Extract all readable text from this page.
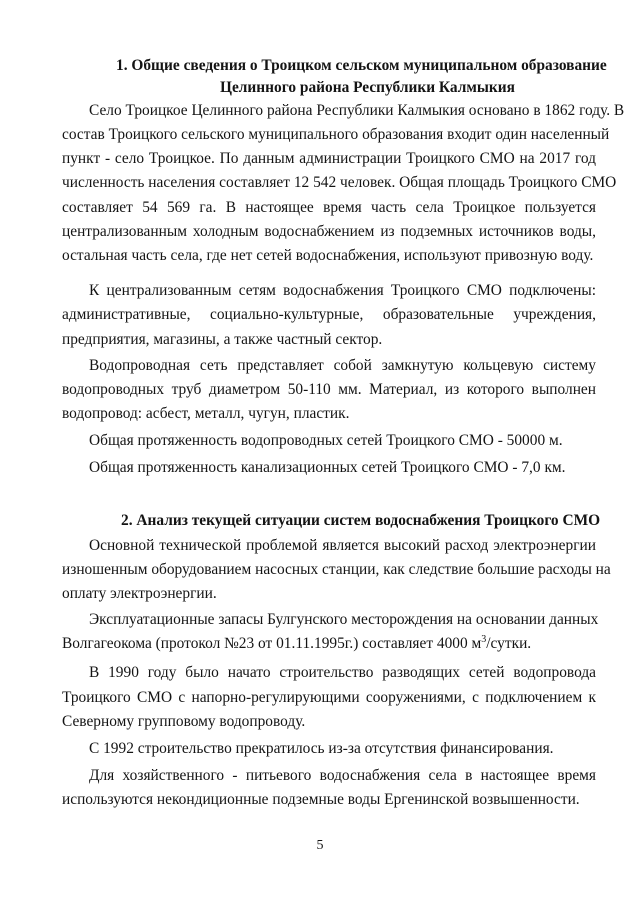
1. Общие сведения о Троицком сельском муниципальном образование
Целинного района Республики Калмыкия
Село Троицкое Целинного района Республики Калмыкия основано в 1862 году. В
состав Троицкого сельского муниципального образования входит один населенный
пункт - село Троицкое. По данным администрации Троицкого СМО на 2017 год
численность населения составляет 12 542 человек. Общая площадь Троицкого СМО
составляет 54 569 га. В настоящее время часть села Троицкое пользуется
централизованным холодным водоснабжением из подземных источников воды,
остальная часть села, где нет сетей водоснабжения, используют привозную воду.
К централизованным сетям водоснабжения Троицкого СМО подключены:
административные, социально-культурные, образовательные учреждения,
предприятия, магазины, а также частный сектор.
Водопроводная сеть представляет собой замкнутую кольцевую систему
водопроводных труб диаметром 50-110 мм. Материал, из которого выполнен
водопровод: асбест, металл, чугун, пластик.
Общая протяженность водопроводных сетей Троицкого СМО - 50000 м.
Общая протяженность канализационных сетей Троицкого СМО - 7,0 км.
2. Анализ текущей ситуации систем водоснабжения Троицкого СМО
Основной технической проблемой является высокий расход электроэнергии
изношенным оборудованием насосных станции, как следствие большие расходы на
оплату электроэнергии.
Эксплуатационные запасы Булгунского месторождения на основании данных
Волгагеокома (протокол №23 от 01.11.1995г.) составляет 4000 $м^3$/сутки.
В 1990 году было начато строительство разводящих сетей водопровода
Троицкого СМО с напорно-регулирующими сооружениями, с подключением к
Северному групповому водопроводу.
С 1992 строительство прекратилось из-за отсутствия финансирования.
Для хозяйственного - питьевого водоснабжения села в настоящее время
используются некондиционные подземные воды Ергенинской возвышенности.
5
